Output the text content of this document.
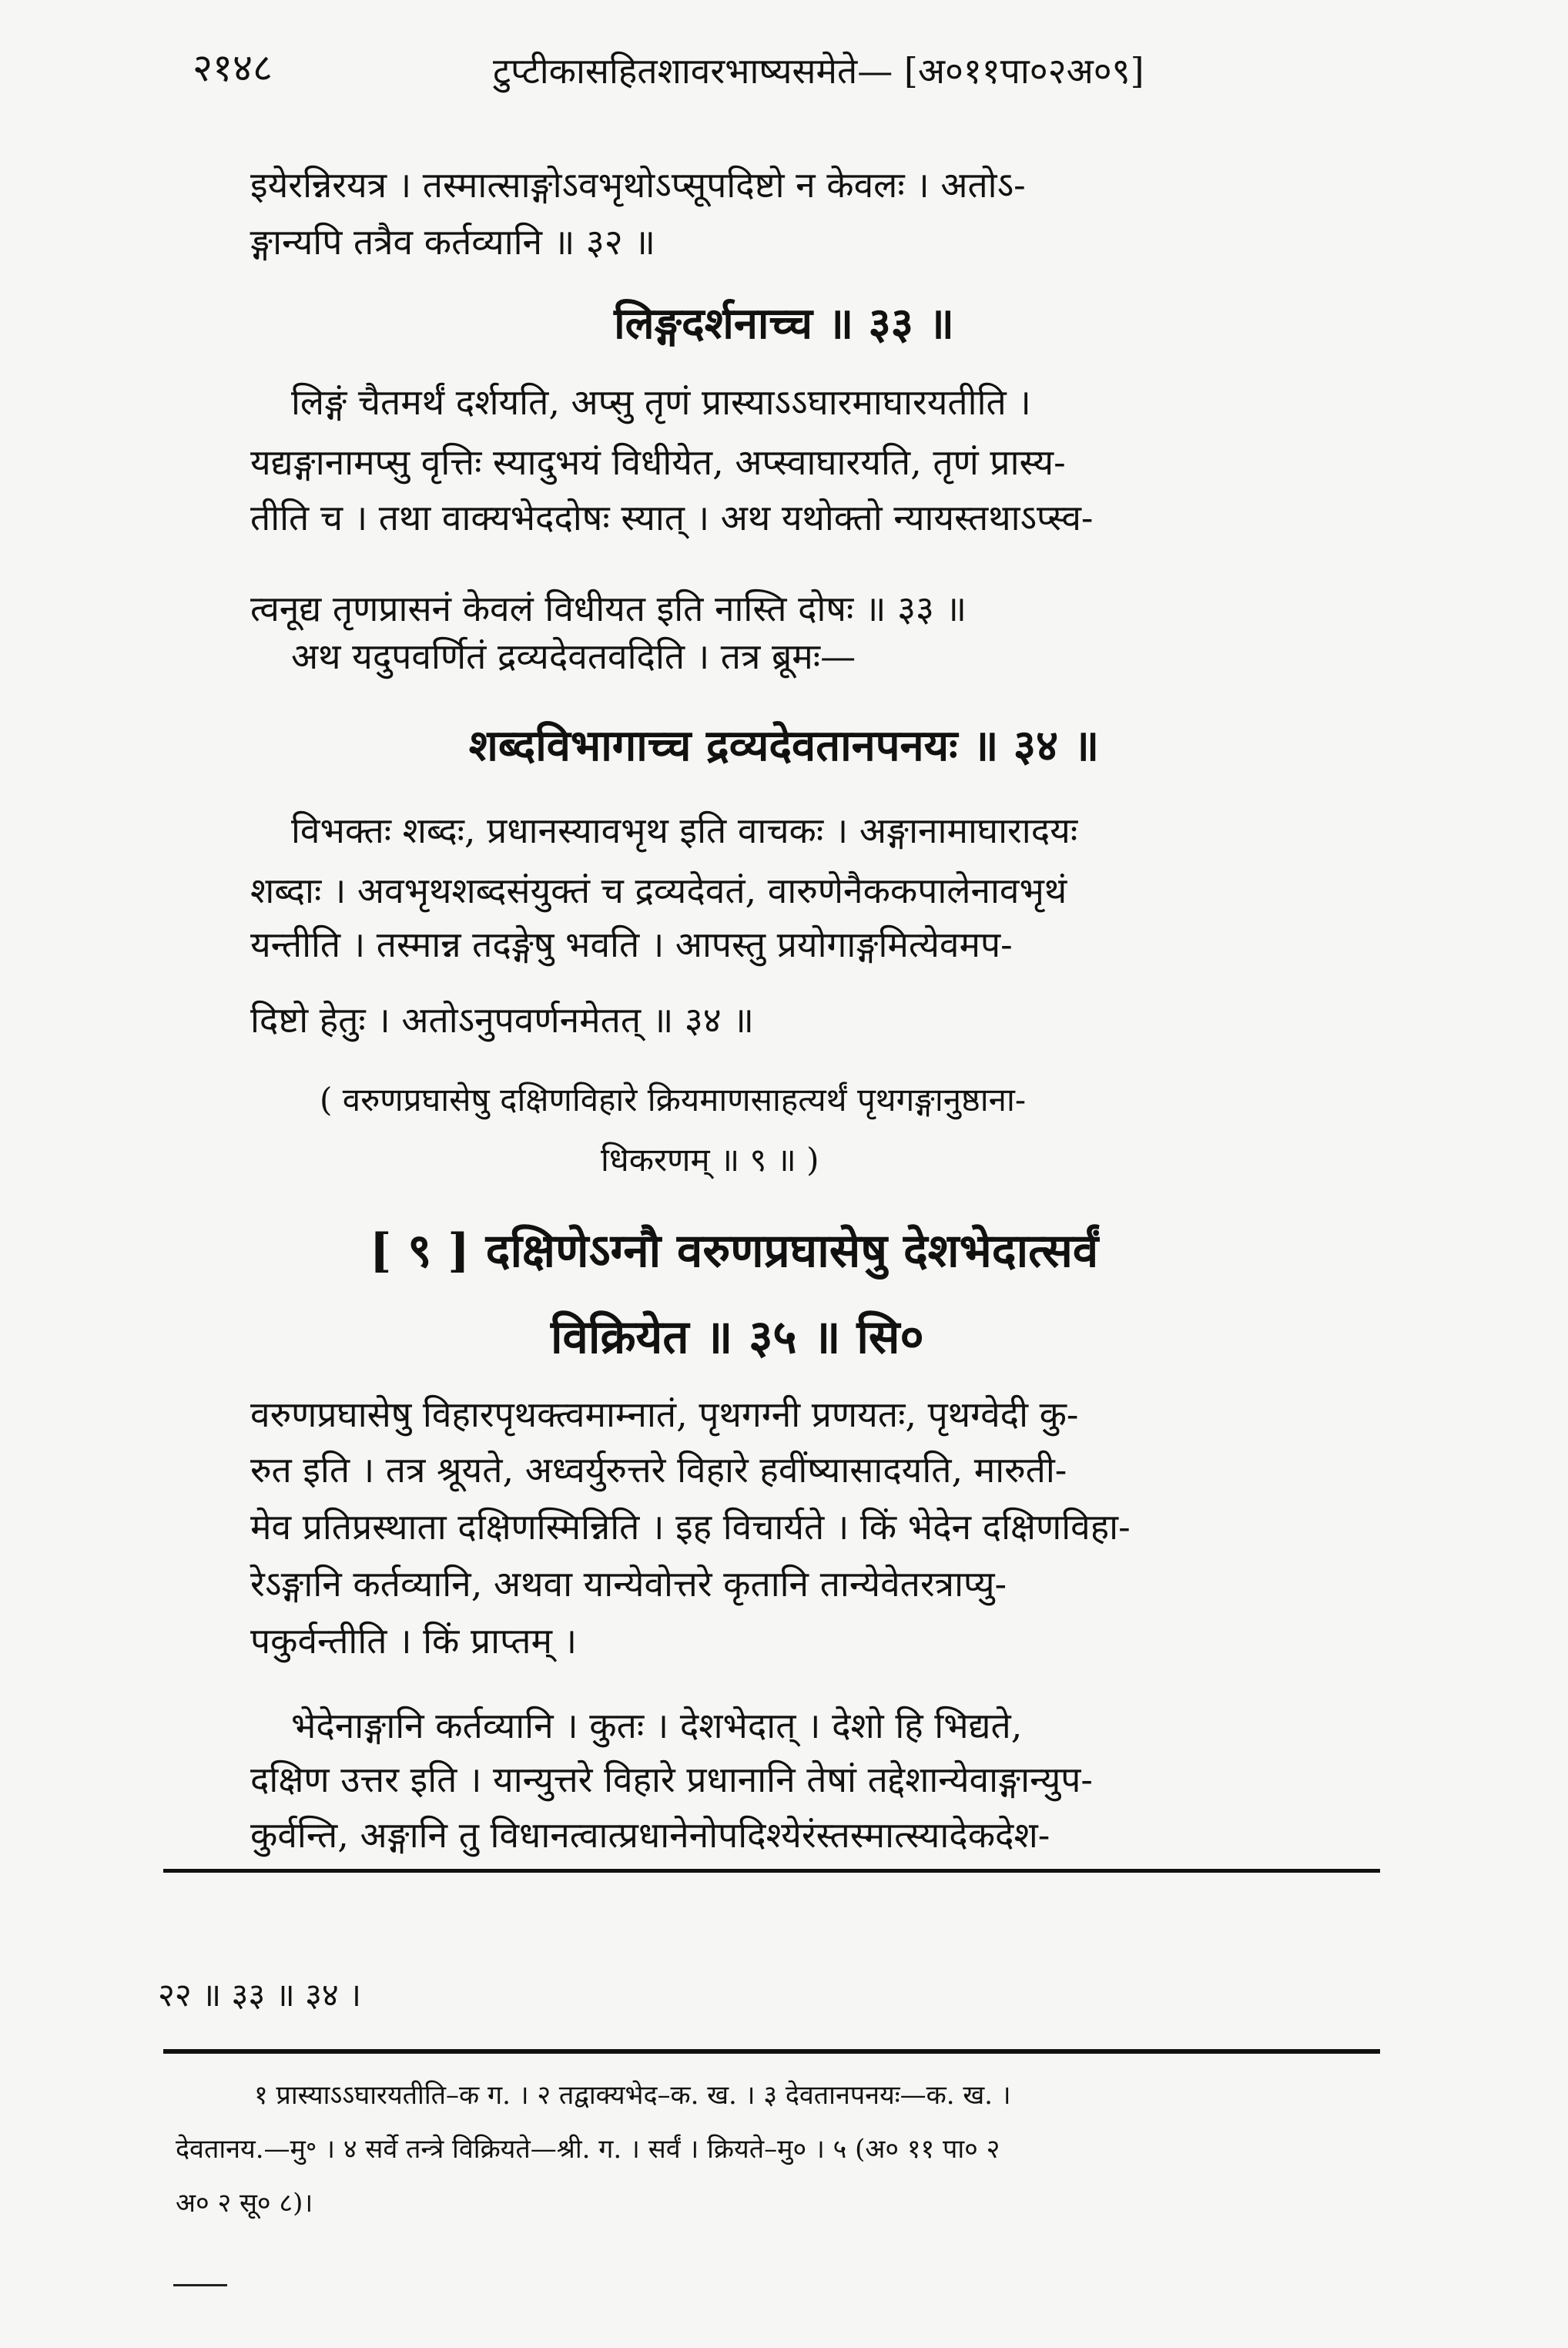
२१४८	टुप्टीकासहितशावरभाष्यसमेते— [अ०११पा०२अ०९]
इयेरन्निरयत्र । तस्मात्साङ्गोऽवभृथोऽप्सूपदिष्टो न केवलः । अतोऽ-
ङ्गान्यपि तत्रैव कर्तव्यानि ॥ ३२ ॥
लिङ्गदर्शनाच्च ॥ ३३ ॥
लिङ्गं चैतमर्थं दर्शयति, अप्सु तृणं प्रास्याऽऽघारमाघारयतीति ।
यद्यङ्गानामप्सु वृत्तिः स्यादुभयं विधीयेत, अप्स्वाघारयति, तृणं प्रास्य-
तीति च । तथा वाक्यभेददोषः स्यात् । अथ यथोक्तो न्यायस्तथाऽप्स्व-
त्वनूद्य तृणप्रासनं केवलं विधीयत इति नास्ति दोषः ॥ ३३ ॥
अथ यदुपवर्णितं द्रव्यदेवतवदिति । तत्र ब्रूमः—
शब्दविभागाच्च द्रव्यदेवतानपनयः ॥ ३४ ॥
विभक्तः शब्दः, प्रधानस्यावभृथ इति वाचकः । अङ्गानामाघारादयः
शब्दाः । अवभृथशब्दसंयुक्तं च द्रव्यदेवतं, वारुणेनैककपालेनावभृथं
यन्तीति । तस्मान्न तदङ्गेषु भवति । आपस्तु प्रयोगाङ्गमित्येवमप-
दिष्टो हेतुः । अतोऽनुपवर्णनमेतत् ॥ ३४ ॥
( वरुणप्रघासेषु दक्षिणविहारे क्रियमाणसाहत्यर्थं पृथगङ्गानुष्ठाना-
धिकरणम् ॥ ९ ॥ )
[ ९ ] दक्षिणेऽग्नौ वरुणप्रघासेषु देशभेदात्सर्वं
विक्रियेत ॥ ३५ ॥ सि०
वरुणप्रघासेषु विहारपृथक्त्वमाम्नातं, पृथगग्नी प्रणयतः, पृथग्वेदी कु-
रुत इति । तत्र श्रूयते, अध्वर्युरुत्तरे विहारे हवींष्यासादयति, मारुती-
मेव प्रतिप्रस्थाता दक्षिणस्मिन्निति । इह विचार्यते । किं भेदेन दक्षिणविहा-
रेऽङ्गानि कर्तव्यानि, अथवा यान्येवोत्तरे कृतानि तान्येवेतरत्राप्यु-
पकुर्वन्तीति । किं प्राप्तम् ।
भेदेनाङ्गानि कर्तव्यानि । कुतः । देशभेदात् । देशो हि भिद्यते,
दक्षिण उत्तर इति । यान्युत्तरे विहारे प्रधानानि तेषां तद्देशान्येवाङ्गान्युप-
कुर्वन्ति, अङ्गानि तु विधानत्वात्प्रधानेनोपदिश्येरंस्तस्मात्स्यादेकदेश-
२२ ॥ ३३ ॥ ३४ ।
१ प्रास्याऽऽघारयतीति–क ग. । २ तद्वाक्यभेद–क. ख. । ३ देवतानपनयः—क. ख. ।
देवतानय.—मु॰ । ४ सर्वे तन्त्रे विक्रियते—श्री. ग. । सर्वं । क्रियते–मु० । ५ (अ० ११ पा० २
अ० २ सू० ८)।
